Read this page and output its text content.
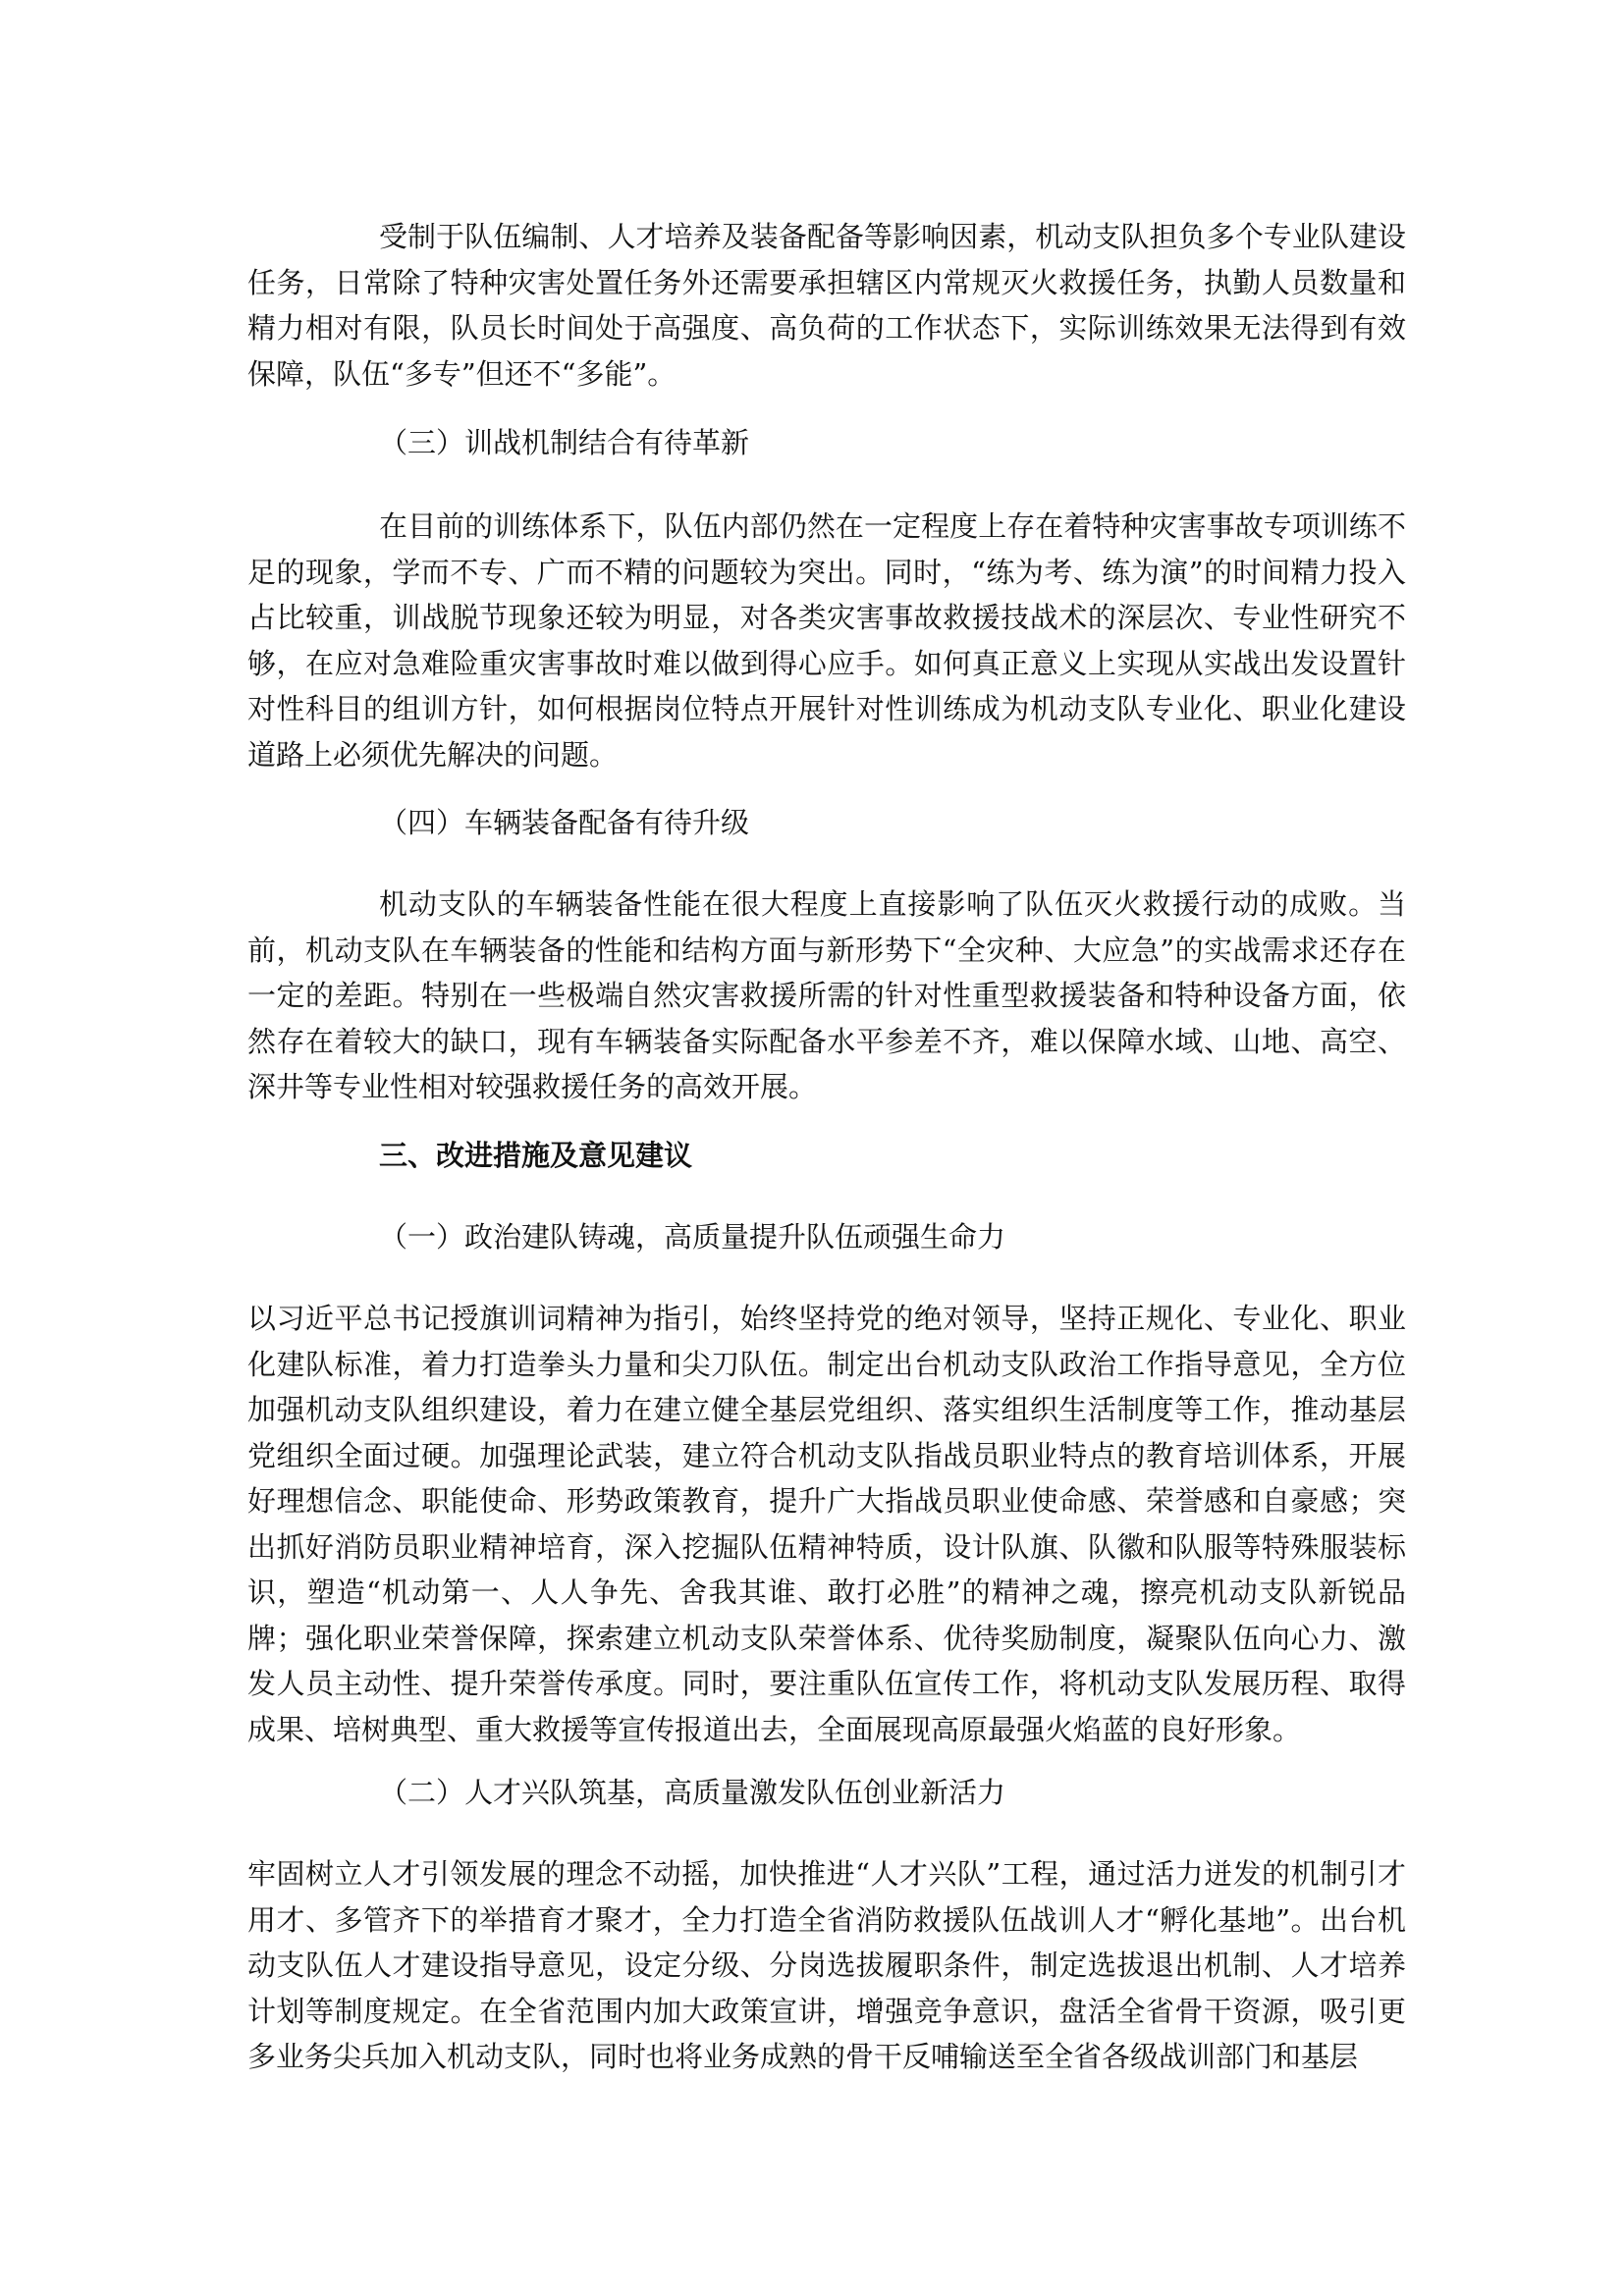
受制于队伍编制、人才培养及装备配备等影响因素，机动支队担负多个专业队建设任务，日常除了特种灾害处置任务外还需要承担辖区内常规灭火救援任务，执勤人员数量和精力相对有限，队员长时间处于高强度、高负荷的工作状态下，实际训练效果无法得到有效保障，队伍“多专”但还不“多能”。

（三）训战机制结合有待革新

在目前的训练体系下，队伍内部仍然在一定程度上存在着特种灾害事故专项训练不足的现象，学而不专、广而不精的问题较为突出。同时，“练为考、练为演”的时间精力投入占比较重，训战脱节现象还较为明显，对各类灾害事故救援技战术的深层次、专业性研究不够，在应对急难险重灾害事故时难以做到得心应手。如何真正意义上实现从实战出发设置针对性科目的组训方针，如何根据岗位特点开展针对性训练成为机动支队专业化、职业化建设道路上必须优先解决的问题。

（四）车辆装备配备有待升级

机动支队的车辆装备性能在很大程度上直接影响了队伍灭火救援行动的成败。当前，机动支队在车辆装备的性能和结构方面与新形势下“全灾种、大应急”的实战需求还存在一定的差距。特别在一些极端自然灾害救援所需的针对性重型救援装备和特种设备方面，依然存在着较大的缺口，现有车辆装备实际配备水平参差不齐，难以保障水域、山地、高空、深井等专业性相对较强救援任务的高效开展。

三、改进措施及意见建议

（一）政治建队铸魂，高质量提升队伍顽强生命力

以习近平总书记授旗训词精神为指引，始终坚持党的绝对领导，坚持正规化、专业化、职业化建队标准，着力打造拳头力量和尖刀队伍。制定出台机动支队政治工作指导意见，全方位加强机动支队组织建设，着力在建立健全基层党组织、落实组织生活制度等工作，推动基层党组织全面过硬。加强理论武装，建立符合机动支队指战员职业特点的教育培训体系，开展好理想信念、职能使命、形势政策教育，提升广大指战员职业使命感、荣誉感和自豪感；突出抓好消防员职业精神培育，深入挖掘队伍精神特质，设计队旗、队徽和队服等特殊服装标识，塑造“机动第一、人人争先、舍我其谁、敢打必胜”的精神之魂，擦亮机动支队新锐品牌；强化职业荣誉保障，探索建立机动支队荣誉体系、优待奖励制度，凝聚队伍向心力、激发人员主动性、提升荣誉传承度。同时，要注重队伍宣传工作，将机动支队发展历程、取得成果、培树典型、重大救援等宣传报道出去，全面展现高原最强火焰蓝的良好形象。

（二）人才兴队筑基，高质量激发队伍创业新活力

牢固树立人才引领发展的理念不动摇，加快推进“人才兴队”工程，通过活力迸发的机制引才用才、多管齐下的举措育才聚才，全力打造全省消防救援队伍战训人才“孵化基地”。出台机动支队伍人才建设指导意见，设定分级、分岗选拔履职条件，制定选拔退出机制、人才培养计划等制度规定。在全省范围内加大政策宣讲，增强竞争意识，盘活全省骨干资源，吸引更多业务尖兵加入机动支队，同时也将业务成熟的骨干反哺输送至全省各级战训部门和基层
